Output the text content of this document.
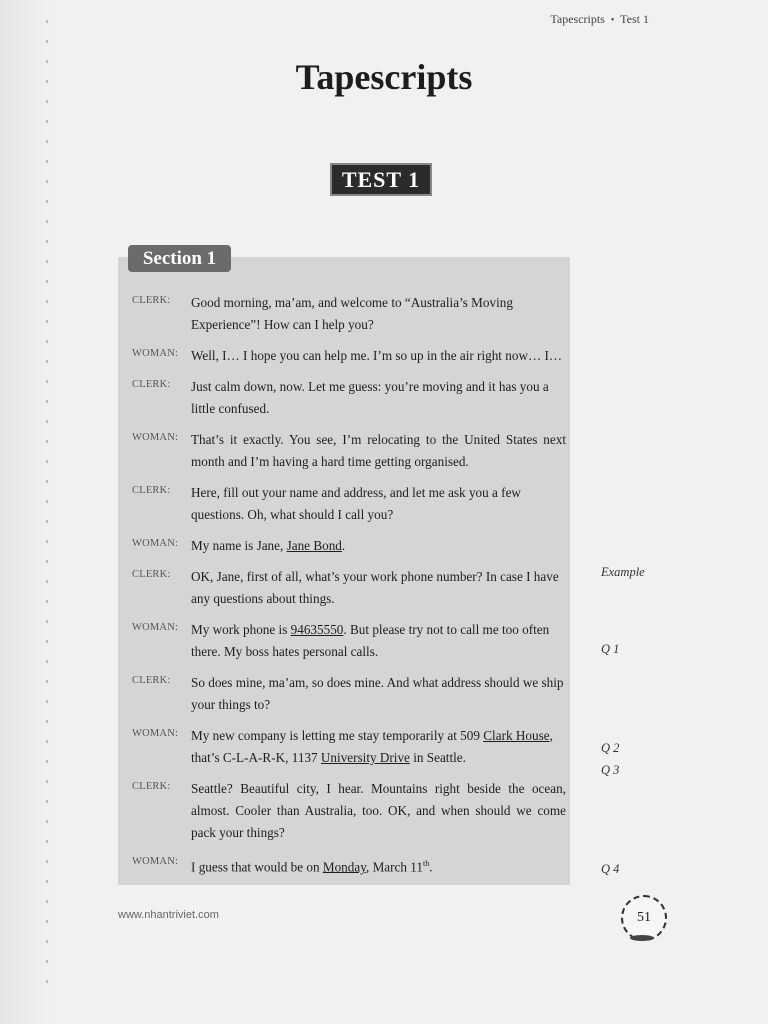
Tapescripts • Test 1
Tapescripts
TEST 1
Section 1
CLERK: Good morning, ma’am, and welcome to “Australia’s Moving Experience”! How can I help you?
WOMAN: Well, I… I hope you can help me. I’m so up in the air right now… I…
CLERK: Just calm down, now. Let me guess: you’re moving and it has you a little confused.
WOMAN: That’s it exactly. You see, I’m relocating to the United States next month and I’m having a hard time getting organised.
CLERK: Here, fill out your name and address, and let me ask you a few questions. Oh, what should I call you?
WOMAN: My name is Jane, Jane Bond.
CLERK: OK, Jane, first of all, what’s your work phone number? In case I have any questions about things.
WOMAN: My work phone is 94635550. But please try not to call me too often there. My boss hates personal calls.
CLERK: So does mine, ma’am, so does mine. And what address should we ship your things to?
WOMAN: My new company is letting me stay temporarily at 509 Clark House, that’s C-L-A-R-K, 1137 University Drive in Seattle.
CLERK: Seattle? Beautiful city, I hear. Mountains right beside the ocean, almost. Cooler than Australia, too. OK, and when should we come pack your things?
WOMAN: I guess that would be on Monday, March 11th.
Example
Q 1
Q 2
Q 3
Q 4
www.nhantriviet.com	51
